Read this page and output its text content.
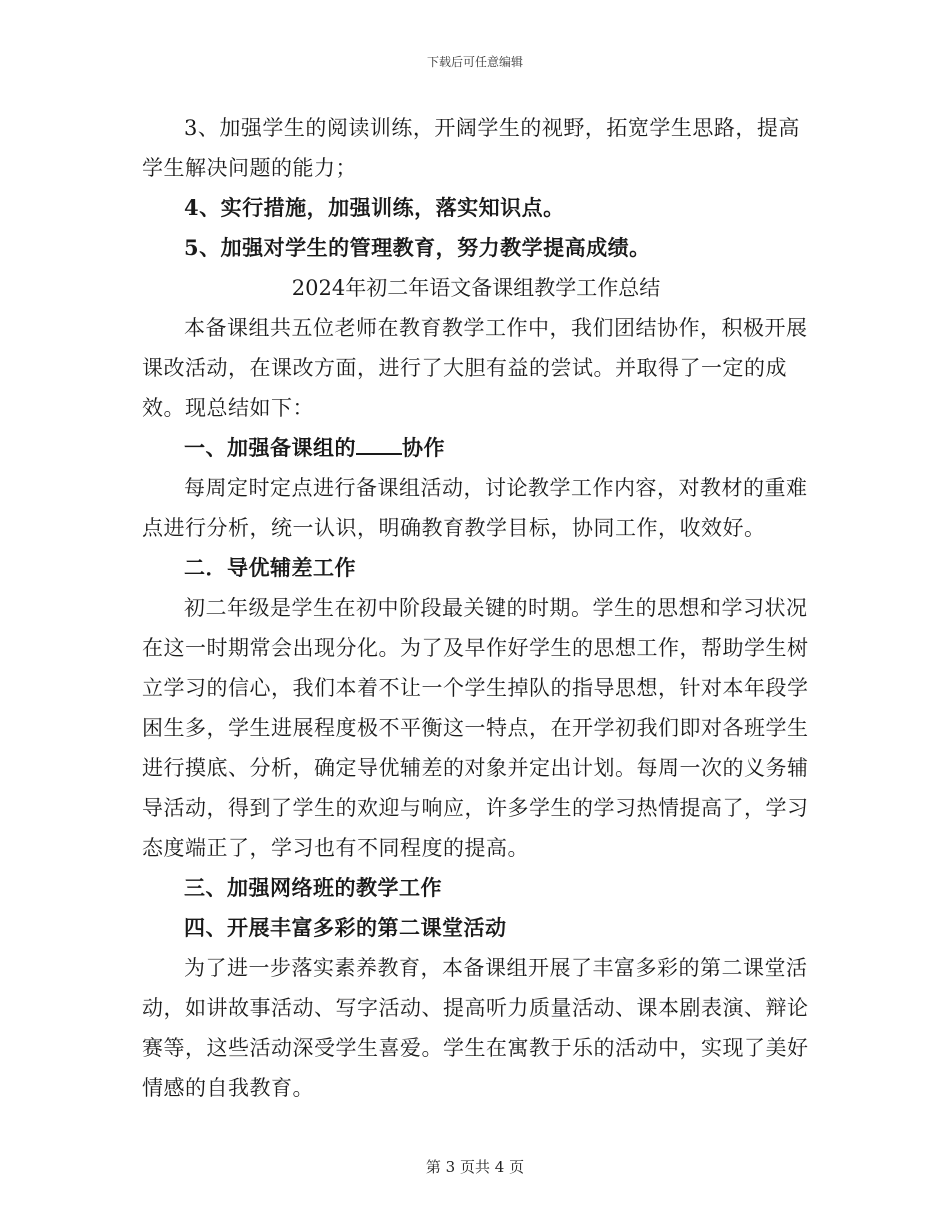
下载后可任意编辑

3、加强学生的阅读训练，开阔学生的视野，拓宽学生思路，提高学生解决问题的能力；

4、实行措施，加强训练，落实知识点。

5、加强对学生的管理教育，努力教学提高成绩。

2024年初二年语文备课组教学工作总结

本备课组共五位老师在教育教学工作中，我们团结协作，积极开展课改活动，在课改方面，进行了大胆有益的尝试。并取得了一定的成效。现总结如下：

一、加强备课组的 协作

每周定时定点进行备课组活动，讨论教学工作内容，对教材的重难点进行分析，统一认识，明确教育教学目标，协同工作，收效好。

二．导优辅差工作

初二年级是学生在初中阶段最关键的时期。学生的思想和学习状况在这一时期常会出现分化。为了及早作好学生的思想工作，帮助学生树立学习的信心，我们本着不让一个学生掉队的指导思想，针对本年段学困生多，学生进展程度极不平衡这一特点，在开学初我们即对各班学生进行摸底、分析，确定导优辅差的对象并定出计划。每周一次的义务辅导活动，得到了学生的欢迎与响应，许多学生的学习热情提高了，学习态度端正了，学习也有不同程度的提高。

三、加强网络班的教学工作

四、开展丰富多彩的第二课堂活动

为了进一步落实素养教育，本备课组开展了丰富多彩的第二课堂活动，如讲故事活动、写字活动、提高听力质量活动、课本剧表演、辩论赛等，这些活动深受学生喜爱。学生在寓教于乐的活动中，实现了美好情感的自我教育。

第 3 页共 4 页
